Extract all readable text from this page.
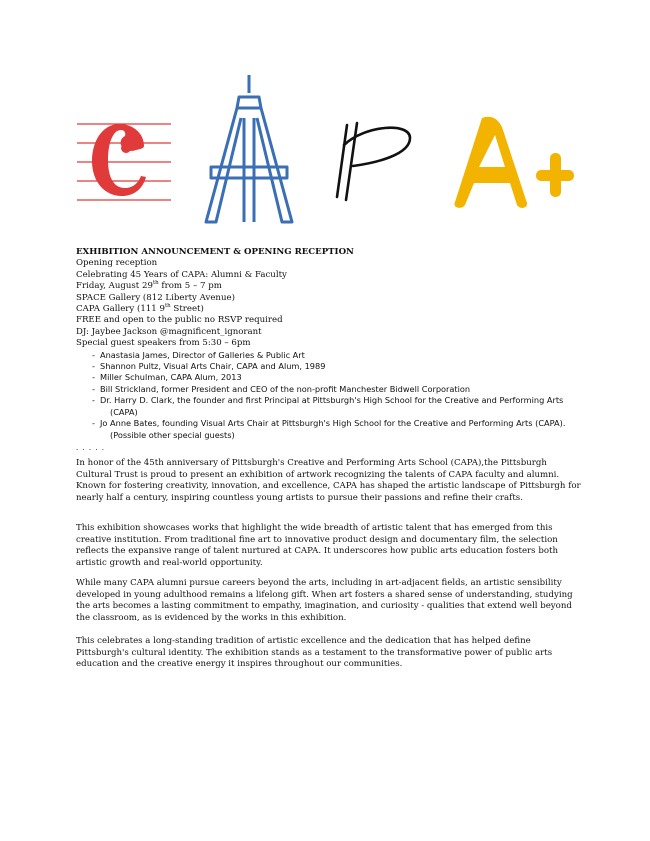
EXHIBITION ANNOUNCEMENT & OPENING RECEPTION
Opening reception
Celebrating 45 Years of CAPA: Alumni & Faculty
Friday, August 29th from 5 – 7 pm
SPACE Gallery (812 Liberty Avenue)
CAPA Gallery (111 9th Street)
FREE and open to the public no RSVP required
DJ: Jaybee Jackson @magnificent_ignorant
Special guest speakers from 5:30 – 6pm
- Anastasia James, Director of Galleries & Public Art
- Shannon Pultz, Visual Arts Chair, CAPA and Alum, 1989
- Miller Schulman, CAPA Alum, 2013
- Bill Strickland, former President and CEO of the non-profit Manchester Bidwell Corporation
- Dr. Harry D. Clark, the founder and first Principal at Pittsburgh's High School for the Creative and Performing Arts
(CAPA)
- Jo Anne Bates, founding Visual Arts Chair at Pittsburgh's High School for the Creative and Performing Arts (CAPA).
(Possible other special guests)
. . . . .

In honor of the 45th anniversary of Pittsburgh's Creative and Performing Arts School (CAPA),the Pittsburgh Cultural Trust is proud to present an exhibition of artwork recognizing the talents of CAPA faculty and alumni. Known for fostering creativity, innovation, and excellence, CAPA has shaped the artistic landscape of Pittsburgh for nearly half a century, inspiring countless young artists to pursue their passions and refine their crafts.

This exhibition showcases works that highlight the wide breadth of artistic talent that has emerged from this creative institution. From traditional fine art to innovative product design and documentary film, the selection reflects the expansive range of talent nurtured at CAPA. It underscores how public arts education fosters both artistic growth and real-world opportunity.

While many CAPA alumni pursue careers beyond the arts, including in art-adjacent fields, an artistic sensibility developed in young adulthood remains a lifelong gift. When art fosters a shared sense of understanding, studying the arts becomes a lasting commitment to empathy, imagination, and curiosity - qualities that extend well beyond the classroom, as is evidenced by the works in this exhibition.

This celebrates a long-standing tradition of artistic excellence and the dedication that has helped define Pittsburgh's cultural identity. The exhibition stands as a testament to the transformative power of public arts education and the creative energy it inspires throughout our communities.
